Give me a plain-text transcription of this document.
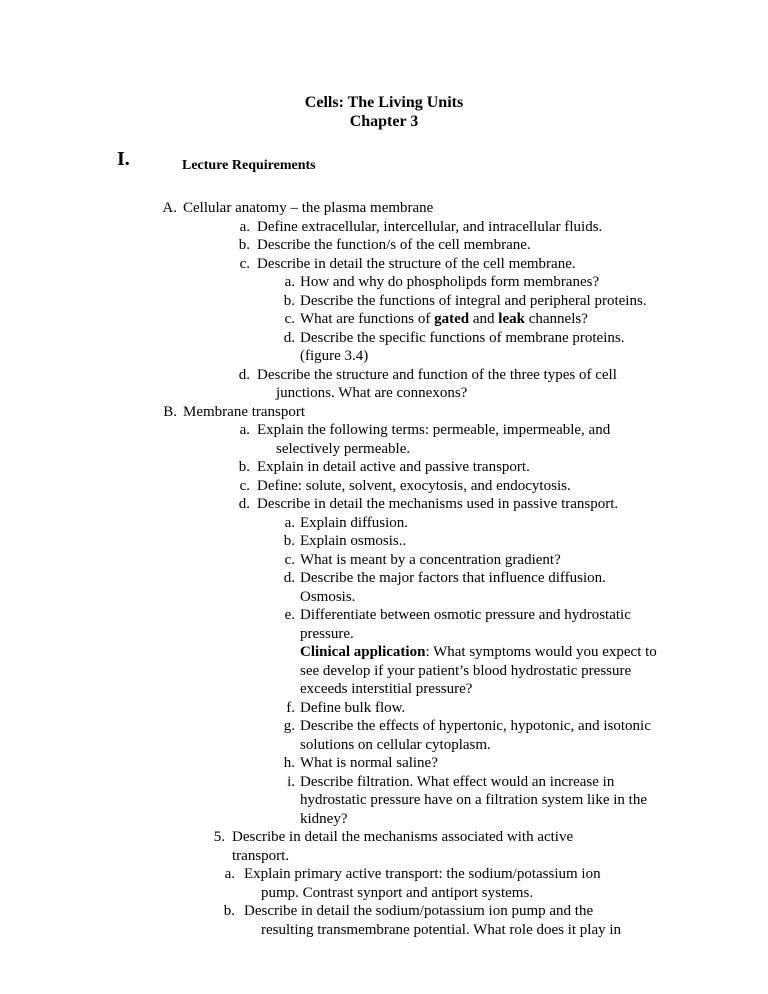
Cells: The Living Units
Chapter 3
I.	Lecture Requirements
A. Cellular anatomy – the plasma membrane
a. Define extracellular, intercellular, and intracellular fluids.
b. Describe the function/s of the cell membrane.
c. Describe in detail the structure of the cell membrane.
a. How and why do phospholipds form membranes?
b. Describe the functions of integral and peripheral proteins.
c. What are functions of gated and leak channels?
d. Describe the specific functions of membrane proteins.
(figure 3.4)
d. Describe the structure and function of the three types of cell
junctions. What are connexons?
B. Membrane transport
a. Explain the following terms: permeable, impermeable, and
selectively permeable.
b. Explain in detail active and passive transport.
c. Define: solute, solvent, exocytosis, and endocytosis.
d. Describe in detail the mechanisms used in passive transport.
a. Explain diffusion.
b. Explain osmosis..
c. What is meant by a concentration gradient?
d. Describe the major factors that influence diffusion.
Osmosis.
e. Differentiate between osmotic pressure and hydrostatic
pressure.
Clinical application: What symptoms would you expect to
see develop if your patient’s blood hydrostatic pressure
exceeds interstitial pressure?
f. Define bulk flow.
g. Describe the effects of hypertonic, hypotonic, and isotonic
solutions on cellular cytoplasm.
h. What is normal saline?
i. Describe filtration. What effect would an increase in
hydrostatic pressure have on a filtration system like in the
kidney?
5. Describe in detail the mechanisms associated with active
transport.
a. Explain primary active transport: the sodium/potassium ion
pump. Contrast synport and antiport systems.
b. Describe in detail the sodium/potassium ion pump and the
resulting transmembrane potential. What role does it play in
